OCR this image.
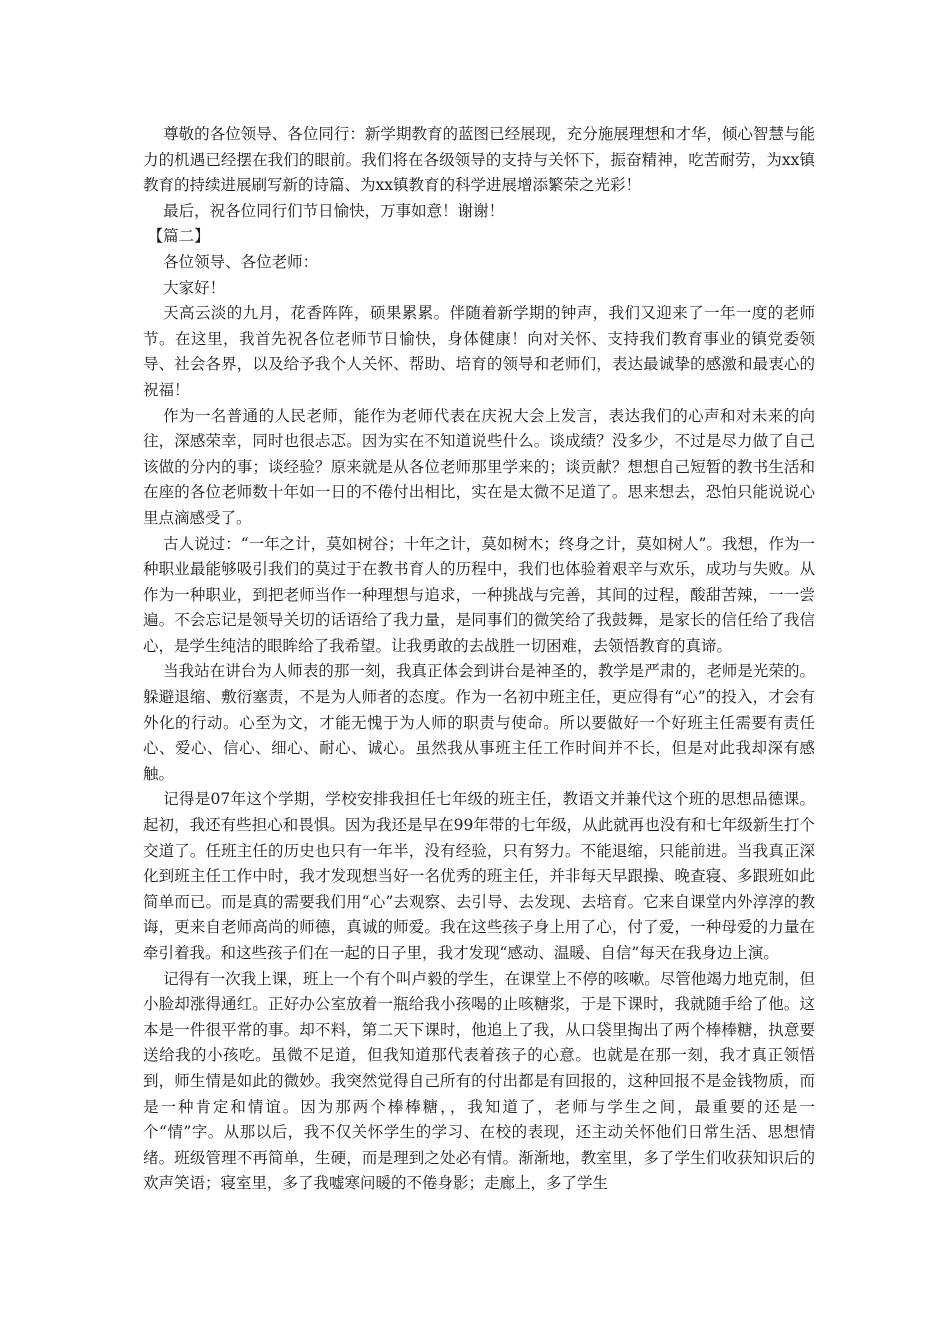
尊敬的各位领导、各位同行：新学期教育的蓝图已经展现，充分施展理想和才华，倾心智慧与能力的机遇已经摆在我们的眼前。我们将在各级领导的支持与关怀下，振奋精神，吃苦耐劳，为xx镇教育的持续进展刷写新的诗篇、为xx镇教育的科学进展增添繁荣之光彩！

最后，祝各位同行们节日愉快，万事如意！谢谢！

【篇二】

各位领导、各位老师：

大家好！

天高云淡的九月，花香阵阵，硕果累累。伴随着新学期的钟声，我们又迎来了一年一度的老师节。在这里，我首先祝各位老师节日愉快，身体健康！向对关怀、支持我们教育事业的镇党委领导、社会各界，以及给予我个人关怀、帮助、培育的领导和老师们，表达最诚挚的感激和最衷心的祝福！

作为一名普通的人民老师，能作为老师代表在庆祝大会上发言，表达我们的心声和对未来的向往，深感荣幸，同时也很忐忑。因为实在不知道说些什么。谈成绩？没多少，不过是尽力做了自己该做的分内的事；谈经验？原来就是从各位老师那里学来的；谈贡献？想想自己短暂的教书生活和在座的各位老师数十年如一日的不倦付出相比，实在是太微不足道了。思来想去，恐怕只能说说心里点滴感受了。

古人说过：“一年之计，莫如树谷；十年之计，莫如树木；终身之计，莫如树人”。我想，作为一种职业最能够吸引我们的莫过于在教书育人的历程中，我们也体验着艰辛与欢乐，成功与失败。从作为一种职业，到把老师当作一种理想与追求，一种挑战与完善，其间的过程，酸甜苦辣，一一尝遍。不会忘记是领导关切的话语给了我力量，是同事们的微笑给了我鼓舞，是家长的信任给了我信心，是学生纯洁的眼眸给了我希望。让我勇敢的去战胜一切困难，去领悟教育的真谛。

当我站在讲台为人师表的那一刻，我真正体会到讲台是神圣的，教学是严肃的，老师是光荣的。躲避退缩、敷衍塞责，不是为人师者的态度。作为一名初中班主任，更应得有“心”的投入，才会有外化的行动。心至为文，才能无愧于为人师的职责与使命。所以要做好一个好班主任需要有责任心、爱心、信心、细心、耐心、诚心。虽然我从事班主任工作时间并不长，但是对此我却深有感触。

记得是07年这个学期，学校安排我担任七年级的班主任，教语文并兼代这个班的思想品德课。起初，我还有些担心和畏惧。因为我还是早在99年带的七年级，从此就再也没有和七年级新生打个交道了。任班主任的历史也只有一年半，没有经验，只有努力。不能退缩，只能前进。当我真正深化到班主任工作中时，我才发现想当好一名优秀的班主任，并非每天早跟操、晚查寝、多跟班如此简单而已。而是真的需要我们用“心”去观察、去引导、去发现、去培育。它来自课堂内外淳淳的教诲，更来自老师高尚的师德，真诚的师爱。我在这些孩子身上用了心，付了爱，一种母爱的力量在牵引着我。和这些孩子们在一起的日子里，我才发现“感动、温暖、自信”每天在我身边上演。

记得有一次我上课，班上一个有个叫卢毅的学生，在课堂上不停的咳嗽。尽管他竭力地克制，但小脸却涨得通红。正好办公室放着一瓶给我小孩喝的止咳糖浆，于是下课时，我就随手给了他。这本是一件很平常的事。却不料，第二天下课时，他追上了我，从口袋里掏出了两个棒棒糖，执意要送给我的小孩吃。虽微不足道，但我知道那代表着孩子的心意。也就是在那一刻，我才真正领悟到，师生情是如此的微妙。我突然觉得自己所有的付出都是有回报的，这种回报不是金钱物质，而是一种肯定和情谊。因为那两个棒棒糖，，我知道了，老师与学生之间，最重要的还是一个“情”字。从那以后，我不仅关怀学生的学习、在校的表现，还主动关怀他们日常生活、思想情绪。班级管理不再简单，生硬，而是理到之处必有情。渐渐地，教室里，多了学生们收获知识后的欢声笑语；寝室里，多了我嘘寒问暖的不倦身影；走廊上，多了学生
